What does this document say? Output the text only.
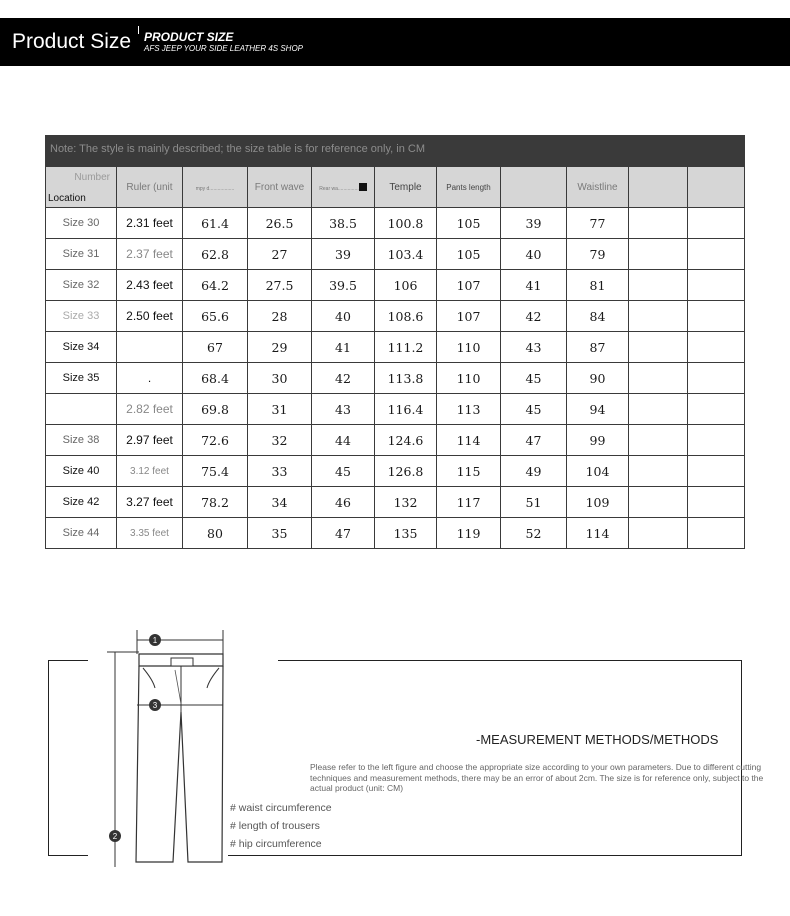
Product Size PRODUCT SIZE
AFS JEEP YOUR SIDE LEATHER 4S SHOP
Note: The style is mainly described; the size table is for reference only, in CM
Number
Location	Ruler (unit	mpy d..................	Front wave	Rear wa...............	Temple	Pants length		Waistline		
Size 30	2.31 feet	61.4	26.5	38.5	100.8	105	39	77		
Size 31	2.37 feet	62.8	27	39	103.4	105	40	79		
Size 32	2.43 feet	64.2	27.5	39.5	106	107	41	81		
Size 33	2.50 feet	65.6	28	40	108.6	107	42	84		
Size 34		67	29	41	111.2	110	43	87		
Size 35	.	68.4	30	42	113.8	110	45	90		
	2.82 feet	69.8	31	43	116.4	113	45	94		
Size 38	2.97 feet	72.6	32	44	124.6	114	47	99		
Size 40	3.12 feet	75.4	33	45	126.8	115	49	104		
Size 42	3.27 feet	78.2	34	46	132	117	51	109		
Size 44	3.35 feet	80	35	47	135	119	52	114		
1
3
2
-MEASUREMENT METHODS/METHODS
Please refer to the left figure and choose the appropriate size according to your own parameters. Due to different cutting techniques and measurement methods, there may be an error of about 2cm. The size is for reference only, subject to the actual product (unit: CM)
# waist circumference
# length of trousers
# hip circumference
